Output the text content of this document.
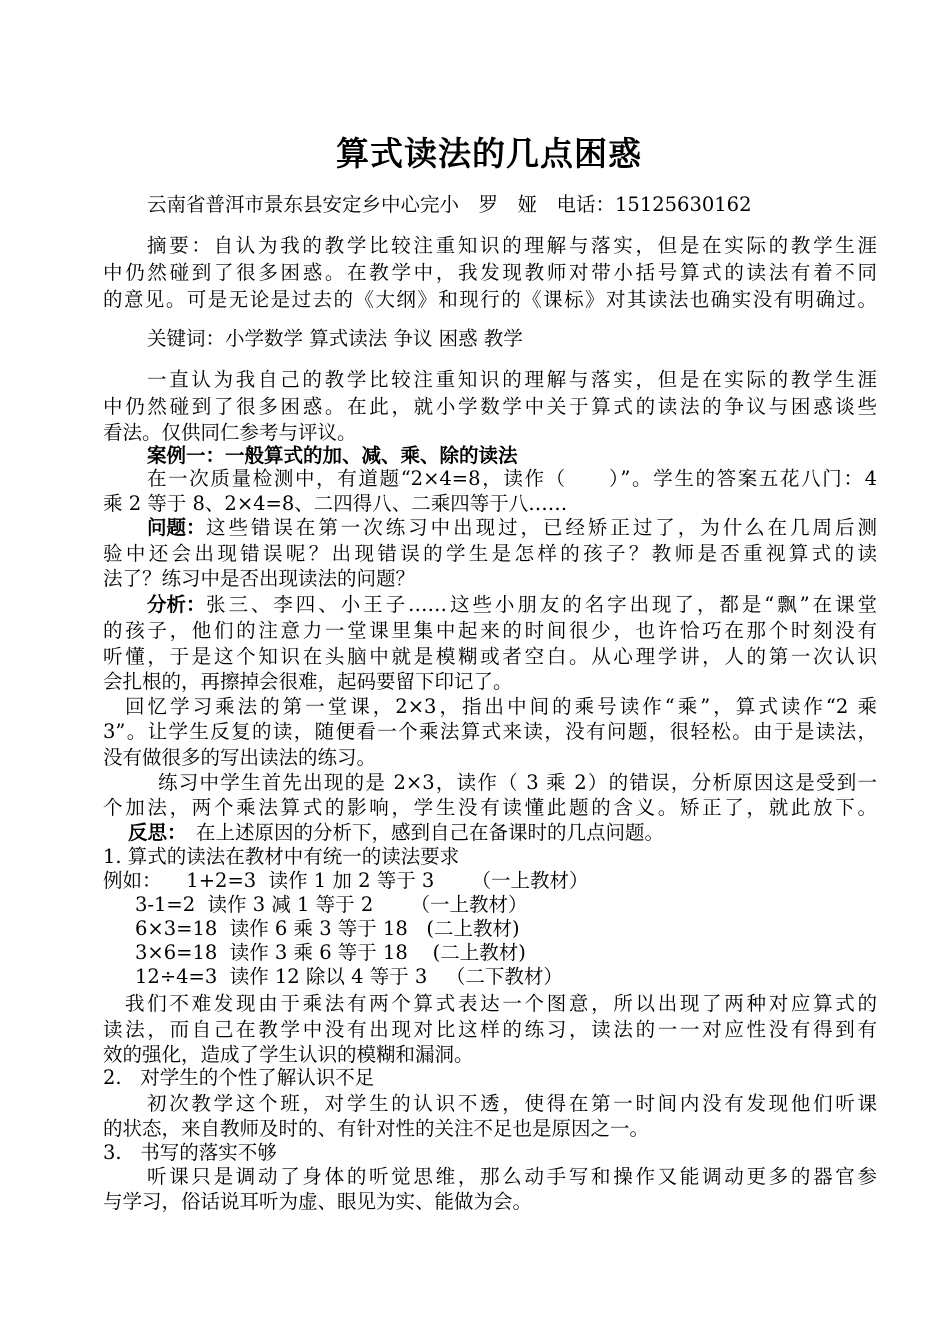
算式读法的几点困惑
云南省普洱市景东县安定乡中心完小　罗　娅　电话：15125630162
摘要：自认为我的教学比较注重知识的理解与落实，但是在实际的教学生涯
中仍然碰到了很多困惑。在教学中，我发现教师对带小括号算式的读法有着不同
的意见。可是无论是过去的《大纲》和现行的《课标》对其读法也确实没有明确过。
关键词：小学数学 算式读法 争议 困惑 教学
一直认为我自己的教学比较注重知识的理解与落实，但是在实际的教学生涯
中仍然碰到了很多困惑。在此，就小学数学中关于算式的读法的争议与困惑谈些
看法。仅供同仁参考与评议。
案例一：一般算式的加、减、乘、除的读法
在一次质量检测中，有道题“2×4=8，读作（　　）”。学生的答案五花八门：4
乘 2 等于 8、2×4=8、二四得八、二乘四等于八……
问题： 这些错误在第一次练习中出现过，已经矫正过了，为什么在几周后测
验中还会出现错误呢？出现错误的学生是怎样的孩子？教师是否重视算式的读
法了？练习中是否出现读法的问题？
分析： 张三、李四、小王子……这些小朋友的名字出现了，都是“飘”在课堂
的孩子，他们的注意力一堂课里集中起来的时间很少，也许恰巧在那个时刻没有
听懂，于是这个知识在头脑中就是模糊或者空白。从心理学讲，人的第一次认识
会扎根的，再擦掉会很难，起码要留下印记了。
回忆学习乘法的第一堂课，2×3，指出中间的乘号读作“乘”，算式读作“2 乘
3”。让学生反复的读，随便看一个乘法算式来读，没有问题，很轻松。由于是读法，
没有做很多的写出读法的练习。
练习中学生首先出现的是 2×3，读作（ 3 乘 2）的错误，分析原因这是受到一
个加法，两个乘法算式的影响，学生没有读懂此题的含义。矫正了，就此放下。
反思： 在上述原因的分析下，感到自己在备课时的几点问题。
1. 算式的读法在教材中有统一的读法要求
例如：    1+2=3  读作 1 加 2 等于 3      （一上教材）
3-1=2  读作 3 减 1 等于 2      （一上教材）
6×3=18  读作 6 乘 3 等于 18   (二上教材)
3×6=18  读作 3 乘 6 等于 18    (二上教材)
12÷4=3  读作 12 除以 4 等于 3   （二下教材）
我们不难发现由于乘法有两个算式表达一个图意，所以出现了两种对应算式的
读法，而自己在教学中没有出现对比这样的练习，读法的一一对应性没有得到有
效的强化，造成了学生认识的模糊和漏洞。
2.   对学生的个性了解认识不足
初次教学这个班，对学生的认识不透，使得在第一时间内没有发现他们听课
的状态，来自教师及时的、有针对性的关注不足也是原因之一。
3.   书写的落实不够
听课只是调动了身体的听觉思维，那么动手写和操作又能调动更多的器官参
与学习，俗话说耳听为虚、眼见为实、能做为会。
